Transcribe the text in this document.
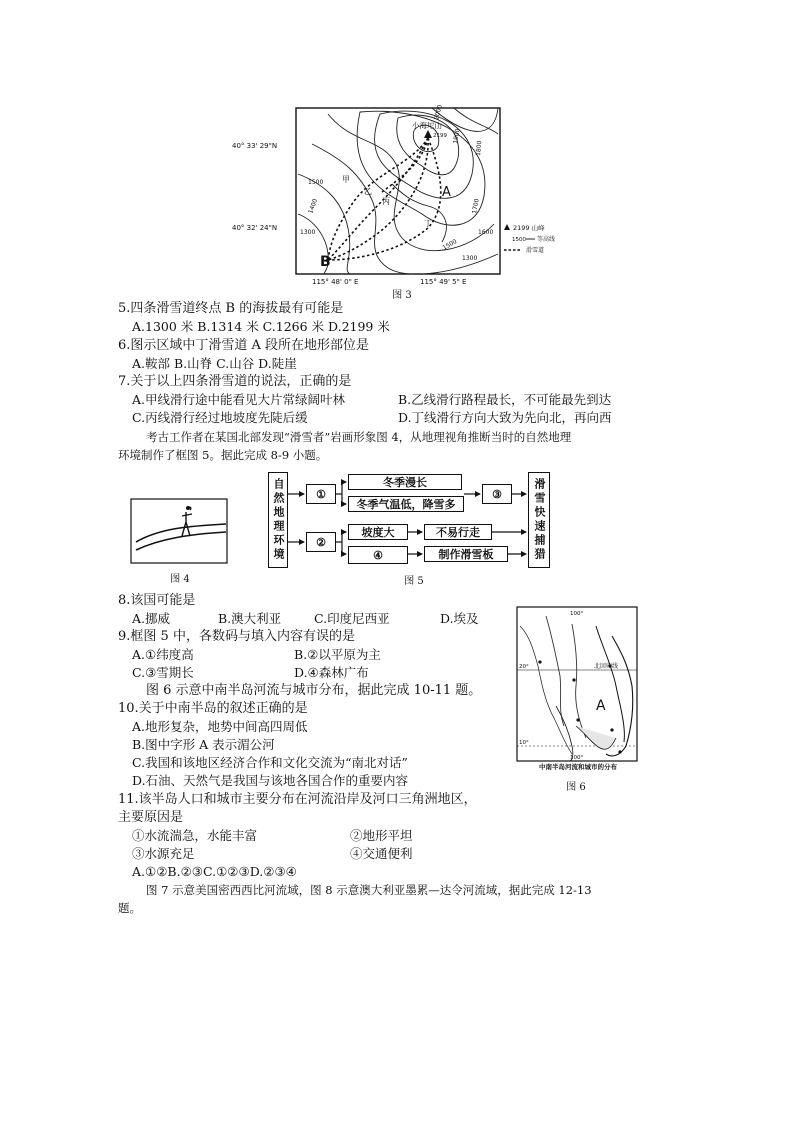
小海坨山
2199
2000
1900
1800
1700
1600
1500
1400
1300
1300
1500
甲
乙
丙
丁
A
B
40° 33' 29"N
40° 32' 24"N
115° 48' 0" E	115° 49' 5" E
2199 山峰
1500 等高线
滑雪道
图 3
5.四条滑雪道终点 B 的海拔最有可能是
A.1300 米 B.1314 米 C.1266 米 D.2199 米
6.图示区域中丁滑雪道 A 段所在地形部位是
A.鞍部 B.山脊 C.山谷 D.陡崖
7.关于以上四条滑雪道的说法，正确的是
A.甲线滑行途中能看见大片常绿阔叶林	B.乙线滑行路程最长，不可能最先到达
C.丙线滑行经过地坡度先陡后缓	D.丁线滑行方向大致为先向北，再向西
考古工作者在某国北部发现“滑雪者”岩画形象图 4，从地理视角推断当时的自然地理
环境制作了框图 5。据此完成 8-9 小题。
图 4
自然地理环境	①
冬季漫长
冬季气温低，降雪多
③
②
坡度大
④
不易行走
制作滑雪板	滑雪快速捕猎
图 5
8.该国可能是
A.挪威	B.澳大利亚	C.印度尼西亚	D.埃及
9.框图 5 中，各数码与填入内容有误的是
A.①纬度高	B.②以平原为主
C.③雪期长	D.④森林广布
图 6 示意中南半岛河流与城市分布，据此完成 10-11 题。
10.关于中南半岛的叙述正确的是
A.地形复杂，地势中间高四周低
B.图中字形 A 表示湄公河
C.我国和该地区经济合作和文化交流为“南北对话”
D.石油、天然气是我国与该地各国合作的重要内容
11.该半岛人口和城市主要分布在河流沿岸及河口三角洲地区，
主要原因是
①水流湍急，水能丰富	②地形平坦
③水源充足	④交通便利
A.①②B.②③C.①②③D.②③④
图 7 示意美国密西西比河流域，图 8 示意澳大利亚墨累—达令河流域，据此完成 12-13
题。
100°
100°
20°
10°
北回归线
A
中南半岛河流和城市的分布
图 6
